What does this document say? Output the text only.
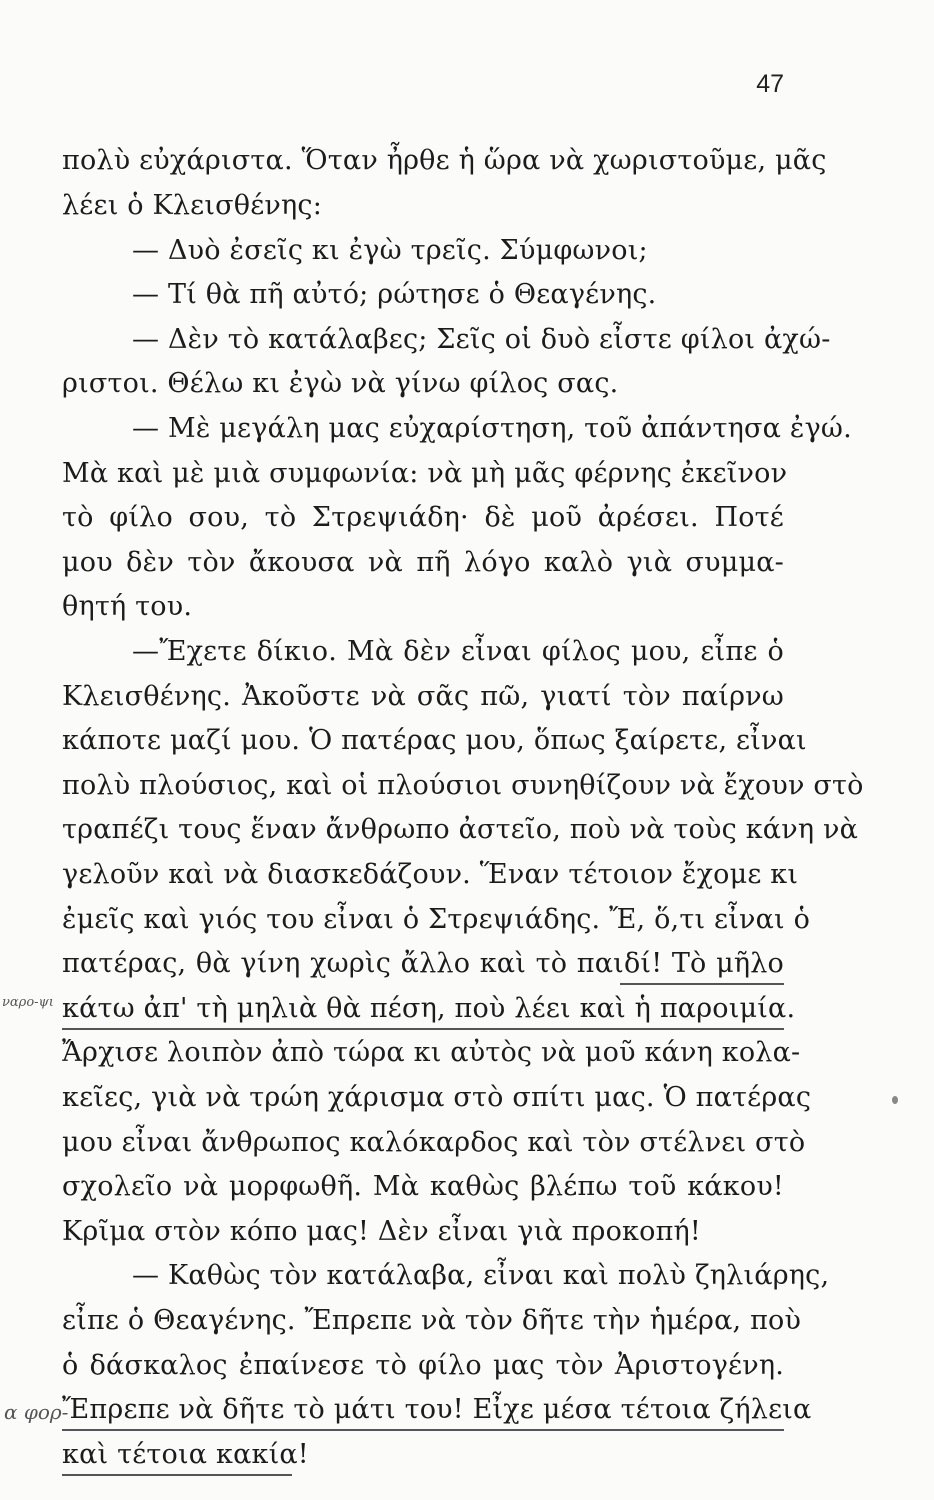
47
πολὺ εὐχάριστα. Ὅταν ἦρθε ἡ ὥρα νὰ χωριστοῦμε, μᾶς
λέει ὁ Κλεισθένης:
— Δυὸ ἐσεῖς κι ἐγὼ τρεῖς. Σύμφωνοι;
— Τί θὰ πῆ αὐτό; ρώτησε ὁ Θεαγένης.
— Δὲν τὸ κατάλαβες; Σεῖς οἱ δυὸ εἶστε φίλοι ἀχώ-
ριστοι. Θέλω κι ἐγὼ νὰ γίνω φίλος σας.
— Μὲ μεγάλη μας εὐχαρίστηση, τοῦ ἀπάντησα ἐγώ.
Μὰ καὶ μὲ μιὰ συμφωνία: νὰ μὴ μᾶς φέρνης ἐκεῖνον
τὸ φίλο σου, τὸ Στρεψιάδη· δὲ μοῦ ἀρέσει. Ποτέ
μου δὲν τὸν ἄκουσα νὰ πῆ λόγο καλὸ γιὰ συμμα-
θητή του.
—Ἔχετε δίκιο. Μὰ δὲν εἶναι φίλος μου, εἶπε ὁ
Κλεισθένης. Ἀκοῦστε νὰ σᾶς πῶ, γιατί τὸν παίρνω
κάποτε μαζί μου. Ὁ πατέρας μου, ὅπως ξαίρετε, εἶναι
πολὺ πλούσιος, καὶ οἱ πλούσιοι συνηθίζουν νὰ ἔχουν στὸ
τραπέζι τους ἕναν ἄνθρωπο ἀστεῖο, ποὺ νὰ τοὺς κάνη νὰ
γελοῦν καὶ νὰ διασκεδάζουν. Ἕναν τέτοιον ἔχομε κι
ἐμεῖς καὶ γιός του εἶναι ὁ Στρεψιάδης. Ἔ, ὅ,τι εἶναι ὁ
πατέρας, θὰ γίνη χωρὶς ἄλλο καὶ τὸ παιδί! Τὸ μῆλο
κάτω ἀπ' τὴ μηλιὰ θὰ πέση, ποὺ λέει καὶ ἡ παροιμία.
Ἄρχισε λοιπὸν ἀπὸ τώρα κι αὐτὸς νὰ μοῦ κάνη κολα-
κεῖες, γιὰ νὰ τρώη χάρισμα στὸ σπίτι μας. Ὁ πατέρας
μου εἶναι ἄνθρωπος καλόκαρδος καὶ τὸν στέλνει στὸ
σχολεῖο νὰ μορφωθῆ. Μὰ καθὼς βλέπω τοῦ κάκου!
Κρῖμα στὸν κόπο μας! Δὲν εἶναι γιὰ προκοπή!
— Καθὼς τὸν κατάλαβα, εἶναι καὶ πολὺ ζηλιάρης,
εἶπε ὁ Θεαγένης. Ἔπρεπε νὰ τὸν δῆτε τὴν ἡμέρα, ποὺ
ὁ δάσκαλος ἐπαίνεσε τὸ φίλο μας τὸν Ἀριστογένη.
Ἔπρεπε νὰ δῆτε τὸ μάτι του! Εἶχε μέσα τέτοια ζήλεια
καὶ τέτοια κακία!
ναρο-ψι
α φορ-
